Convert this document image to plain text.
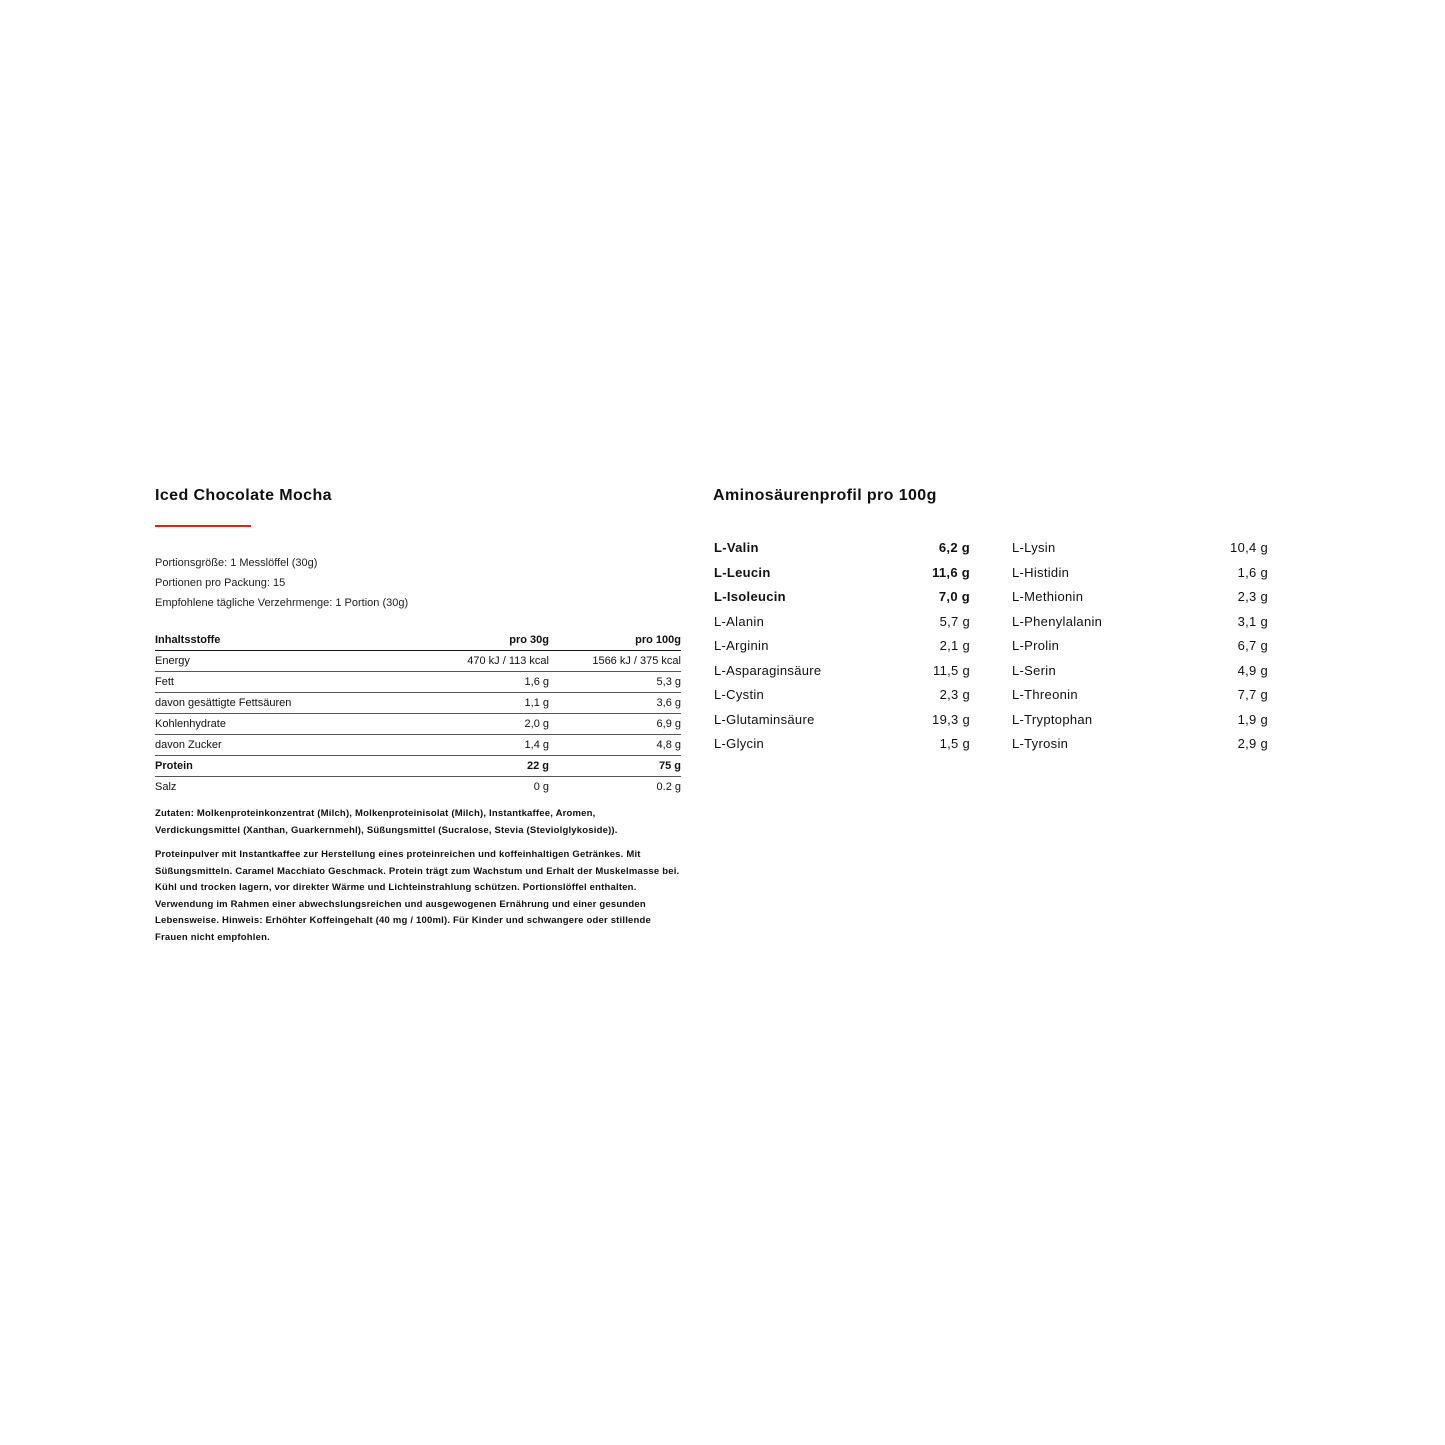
Iced Chocolate Mocha
Portionsgröße: 1 Messlöffel (30g)
Portionen pro Packung: 15
Empfohlene tägliche Verzehrmenge: 1 Portion (30g)
Inhaltsstoffe	pro 30g	pro 100g
Energy	470 kJ / 113 kcal	1566 kJ / 375 kcal
Fett	1,6 g	5,3 g
davon gesättigte Fettsäuren	1,1 g	3,6 g
Kohlenhydrate	2,0 g	6,9 g
davon Zucker	1,4 g	4,8 g
Protein	22 g	75 g
Salz	0 g	0.2 g

Zutaten: Molkenproteinkonzentrat (Milch), Molkenproteinisolat (Milch), Instantkaffee, Aromen, Verdickungsmittel (Xanthan, Guarkernmehl), Süßungsmittel (Sucralose, Stevia (Steviolglykoside)).

Proteinpulver mit Instantkaffee zur Herstellung eines proteinreichen und koffeinhaltigen Getränkes. Mit Süßungsmitteln. Caramel Macchiato Geschmack. Protein trägt zum Wachstum und Erhalt der Muskelmasse bei. Kühl und trocken lagern, vor direkter Wärme und Lichteinstrahlung schützen. Portionslöffel enthalten. Verwendung im Rahmen einer abwechslungsreichen und ausgewogenen Ernährung und einer gesunden Lebensweise. Hinweis: Erhöhter Koffeingehalt (40 mg / 100ml). Für Kinder und schwangere oder stillende Frauen nicht empfohlen.

Aminosäurenprofil pro 100g
L-Valin	6,2 g
L-Leucin	11,6 g
L-Isoleucin	7,0 g
L-Alanin	5,7 g
L-Arginin	2,1 g
L-Asparaginsäure	11,5 g
L-Cystin	2,3 g
L-Glutaminsäure	19,3 g
L-Glycin	1,5 g
L-Lysin	10,4 g
L-Histidin	1,6 g
L-Methionin	2,3 g
L-Phenylalanin	3,1 g
L-Prolin	6,7 g
L-Serin	4,9 g
L-Threonin	7,7 g
L-Tryptophan	1,9 g
L-Tyrosin	2,9 g
